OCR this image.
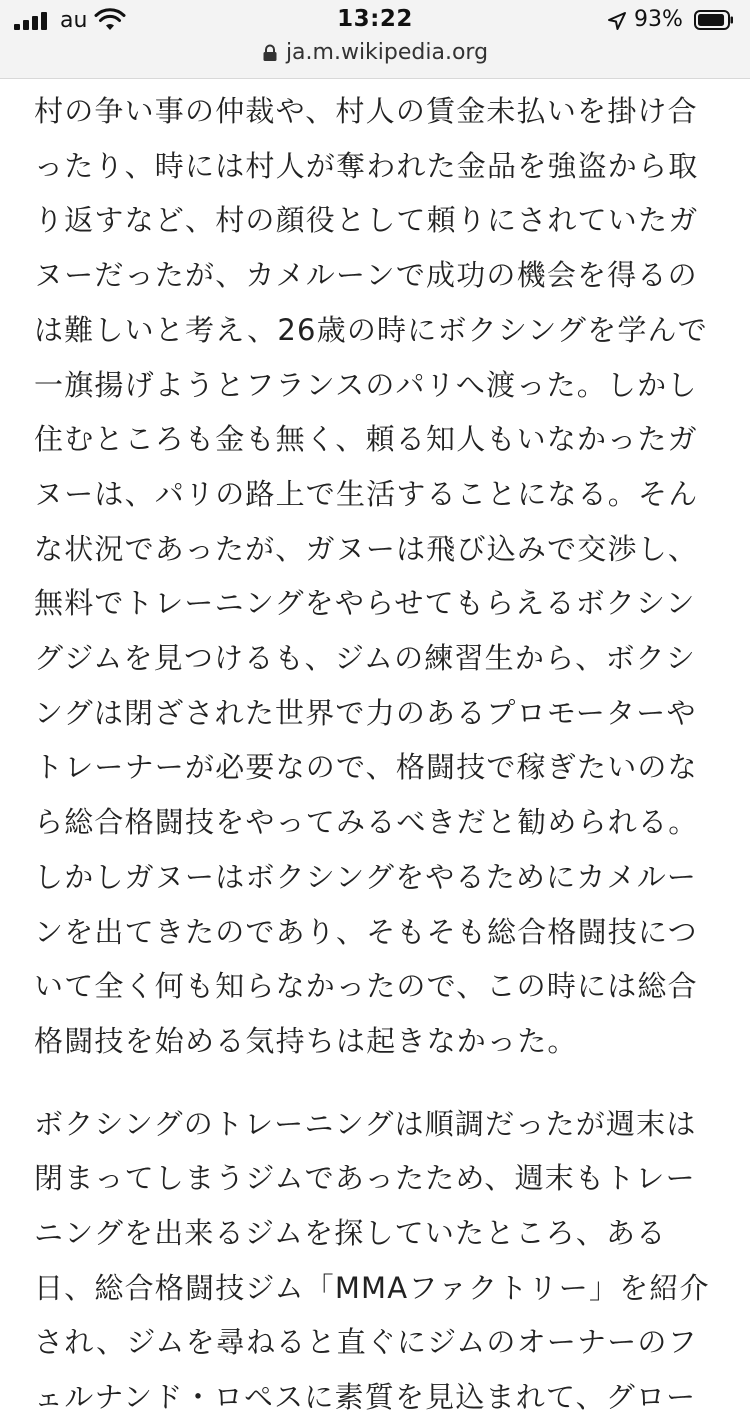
au	13:22	93%
ja.m.wikipedia.org

村の争い事の仲裁や、村人の賃金未払いを掛け合ったり、時には村人が奪われた金品を強盗から取り返すなど、村の顔役として頼りにされていたガヌーだったが、カメルーンで成功の機会を得るのは難しいと考え、26歳の時にボクシングを学んで一旗揚げようとフランスのパリへ渡った。しかし住むところも金も無く、頼る知人もいなかったガヌーは、パリの路上で生活することになる。そんな状況であったが、ガヌーは飛び込みで交渉し、無料でトレーニングをやらせてもらえるボクシングジムを見つけるも、ジムの練習生から、ボクシングは閉ざされた世界で力のあるプロモーターやトレーナーが必要なので、格闘技で稼ぎたいのなら総合格闘技をやってみるべきだと勧められる。しかしガヌーはボクシングをやるためにカメルーンを出てきたのであり、そもそも総合格闘技について全く何も知らなかったので、この時には総合格闘技を始める気持ちは起きなかった。

ボクシングのトレーニングは順調だったが週末は閉まってしまうジムであったため、週末もトレーニングを出来るジムを探していたところ、ある日、総合格闘技ジム「MMAファクトリー」を紹介され、ジムを尋ねると直ぐにジムのオーナーのフェルナンド・ロペスに素質を見込まれて、グロー
